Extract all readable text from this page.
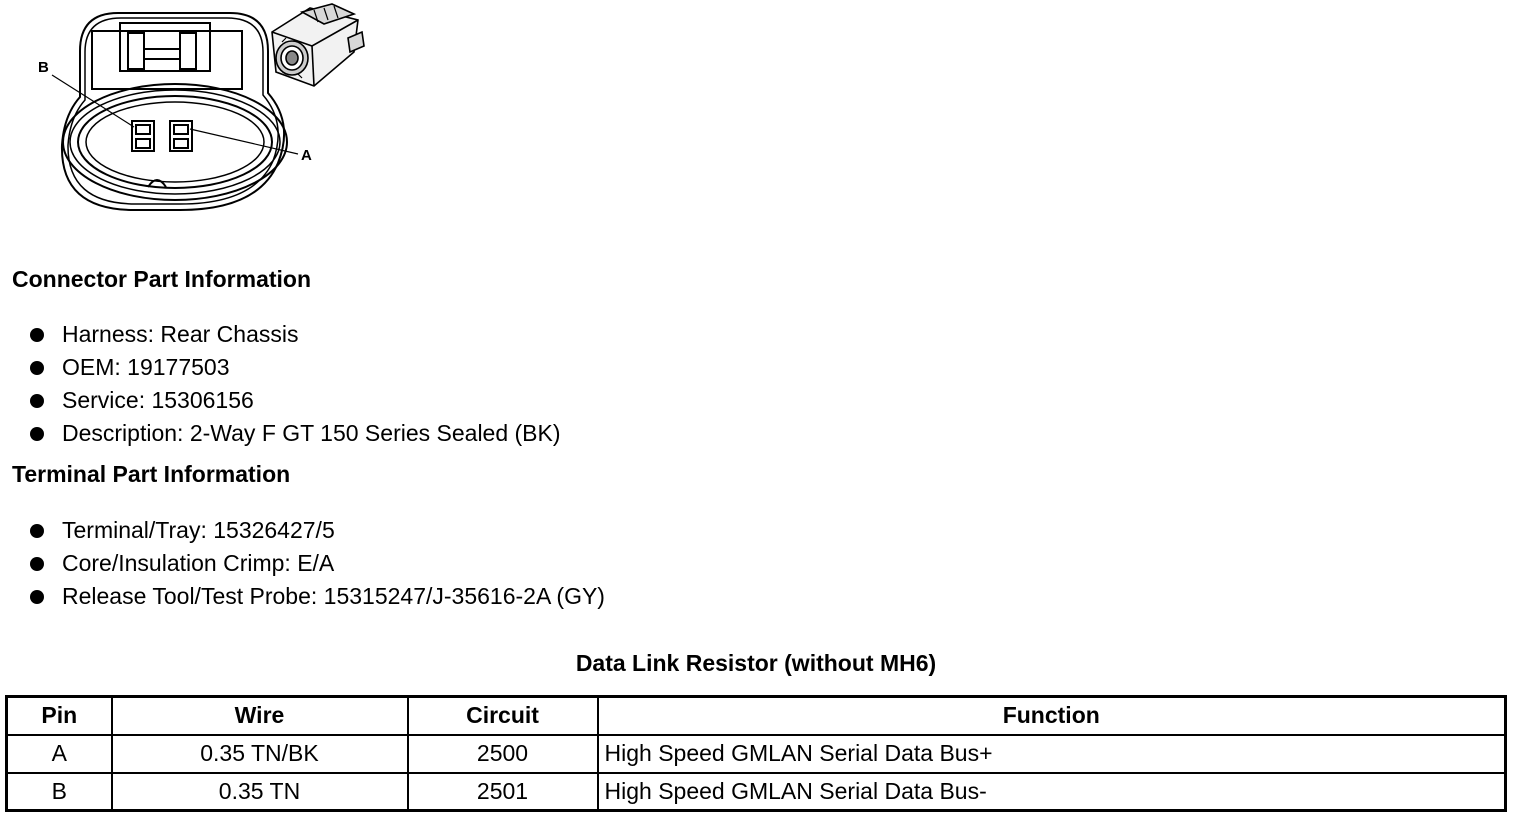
B
A
Connector Part Information
Harness: Rear Chassis
OEM: 19177503
Service: 15306156
Description: 2-Way F GT 150 Series Sealed (BK)
Terminal Part Information
Terminal/Tray: 15326427/5
Core/Insulation Crimp: E/A
Release Tool/Test Probe: 15315247/J-35616-2A (GY)
Data Link Resistor (without MH6)
Pin	Wire	Circuit	Function
A	0.35 TN/BK	2500	High Speed GMLAN Serial Data Bus+
B	0.35 TN	2501	High Speed GMLAN Serial Data Bus-
